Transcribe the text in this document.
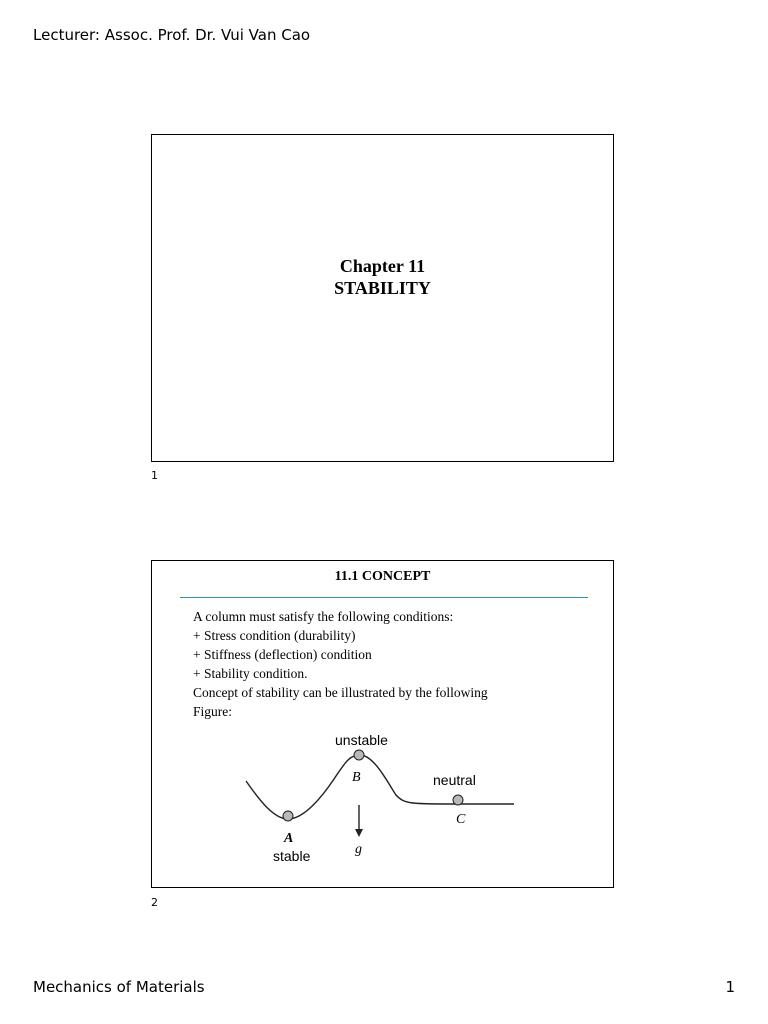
Lecturer: Assoc. Prof. Dr. Vui Van Cao
Chapter 11
STABILITY
1
11.1 CONCEPT
A column must satisfy the following conditions:
+ Stress condition (durability)
+ Stiffness (deflection) condition
+ Stability condition.
Concept of stability can be illustrated by the following
Figure:
unstable
neutral
stable
B
C
A
g
2
Mechanics of Materials	1
